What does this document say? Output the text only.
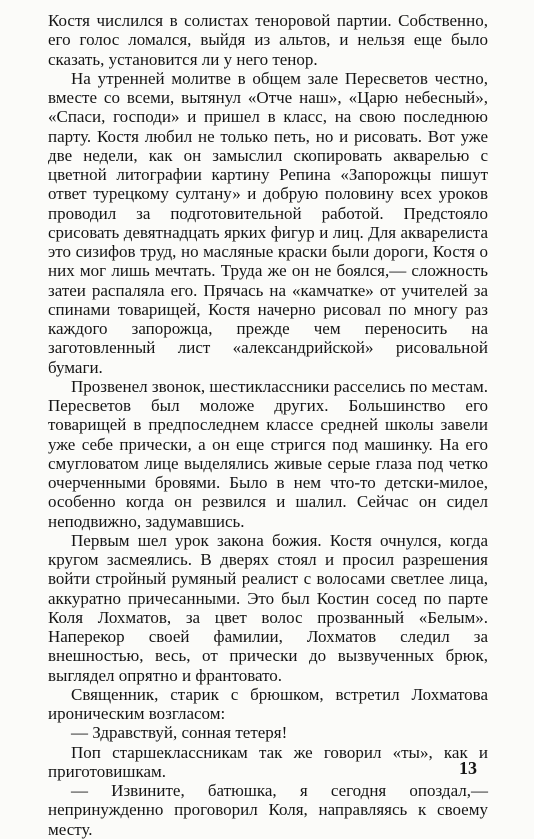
Костя числился в солистах теноровой партии. Собственно, его голос ломался, выйдя из альтов, и нельзя еще было сказать, установится ли у него тенор.

На утренней молитве в общем зале Пересветов честно, вместе со всеми, вытянул «Отче наш», «Царю небесный», «Спаси, господи» и пришел в класс, на свою последнюю парту. Костя любил не только петь, но и рисовать. Вот уже две недели, как он замыслил скопировать акварелью с цветной литографии картину Репина «Запорожцы пишут ответ турецкому султану» и добрую половину всех уроков проводил за подготовительной работой. Предстояло срисовать девятнадцать ярких фигур и лиц. Для акварелиста это сизифов труд, но масляные краски были дороги, Костя о них мог лишь мечтать. Труда же он не боялся,— сложность затеи распаляла его. Прячась на «камчатке» от учителей за спинами товарищей, Костя начерно рисовал по многу раз каждого запорожца, прежде чем переносить на заготовленный лист «александрийской» рисовальной бумаги.

Прозвенел звонок, шестиклассники расселись по местам. Пересветов был моложе других. Большинство его товарищей в предпоследнем классе средней школы завели уже себе прически, а он еще стригся под машинку. На его смугловатом лице выделялись живые серые глаза под четко очерченными бровями. Было в нем что-то детски-милое, особенно когда он резвился и шалил. Сейчас он сидел неподвижно, задумавшись.

Первым шел урок закона божия. Костя очнулся, когда кругом засмеялись. В дверях стоял и просил разрешения войти стройный румяный реалист с волосами светлее лица, аккуратно причесанными. Это был Костин сосед по парте Коля Лохматов, за цвет волос прозванный «Белым». Наперекор своей фамилии, Лохматов следил за внешностью, весь, от прически до вызвученных брюк, выглядел опрятно и франтовато.

Священник, старик с брюшком, встретил Лохматова ироническим возгласом:

— Здравствуй, сонная тетеря!

Поп старшеклассникам так же говорил «ты», как и приготовишкам.

— Извините, батюшка, я сегодня опоздал,— непринужденно проговорил Коля, направляясь к своему месту.

13
